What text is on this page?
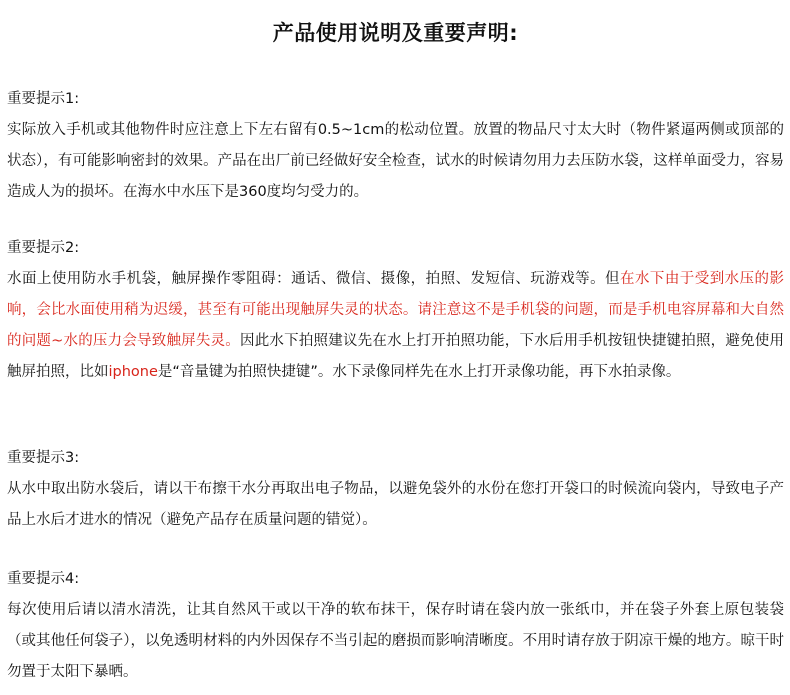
产品使用说明及重要声明:
重要提示1:

实际放入手机或其他物件时应注意上下左右留有0.5~1cm的松动位置。放置的物品尺寸太大时（物件紧逼两侧或顶部的状态），有可能影响密封的效果。产品在出厂前已经做好安全检查，试水的时候请勿用力去压防水袋，这样单面受力，容易造成人为的损坏。在海水中水压下是360度均匀受力的。

重要提示2:

水面上使用防水手机袋，触屏操作零阻碍：通话、微信、摄像，拍照、发短信、玩游戏等。但在水下由于受到水压的影响，会比水面使用稍为迟缓，甚至有可能出现触屏失灵的状态。请注意这不是手机袋的问题，而是手机电容屏幕和大自然的问题~水的压力会导致触屏失灵。因此水下拍照建议先在水上打开拍照功能，下水后用手机按钮快捷键拍照，避免使用触屏拍照，比如iphone是“音量键为拍照快捷键”。水下录像同样先在水上打开录像功能，再下水拍录像。

重要提示3:

从水中取出防水袋后，请以干布擦干水分再取出电子物品，以避免袋外的水份在您打开袋口的时候流向袋内，导致电子产品上水后才进水的情况（避免产品存在质量问题的错觉）。

重要提示4:

每次使用后请以清水清洗，让其自然风干或以干净的软布抹干，保存时请在袋内放一张纸巾，并在袋子外套上原包装袋（或其他任何袋子），以免透明材料的内外因保存不当引起的磨损而影响清晰度。不用时请存放于阴凉干燥的地方。晾干时勿置于太阳下暴晒。
